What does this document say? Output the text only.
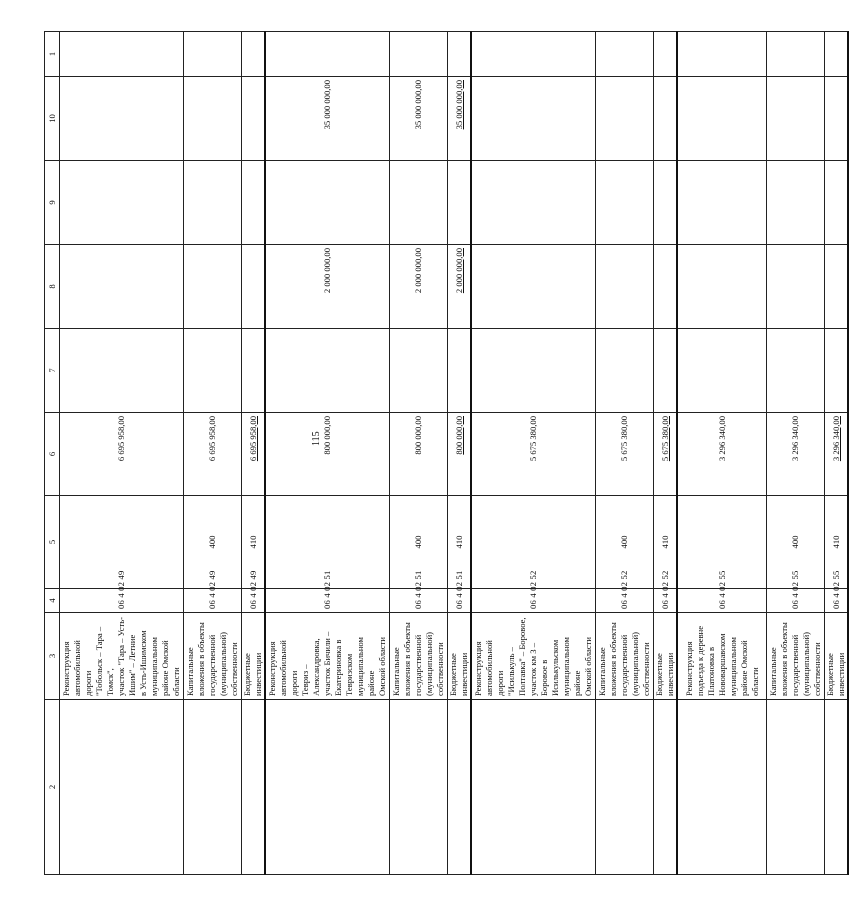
115
2	3	4	5	6	7	8	9	10	1
	Реконструкция автомобильной дороги
"Тобольск – Тара – Томск",
участок "Тара – Усть-Ишим" – Летние
в Усть-Ишимском муниципальном
районе Омской области	06 4 02 49		6 695 958,00					
	Капитальные вложения в объекты
государственной (муниципальной)
собственности	06 4 02 49	400	6 695 958,00					
	Бюджетные инвестиции	06 4 02 49	410	6 695 958,00					
	Реконструкция автомобильной дороги
Тевриз – Александровка,
участок Бичили – Екатериновка в
Тевризском муниципальном районе
Омской области	06 4 02 51		800 000,00		2 000 000,00		35 000 000,00	
	Капитальные вложения в объекты
государственной (муниципальной)
собственности	06 4 02 51	400	800 000,00		2 000 000,00		35 000 000,00	
	Бюджетные инвестиции	06 4 02 51	410	800 000,00		2 000 000,00		35 000 000,00	
	Реконструкция автомобильной дороги
"Исилькуль – Полтавка" – Боровое,
участок км 3 – Боровое в
Исилькульском муниципальном районе
Омской области	06 4 02 52		5 675 380,00					
	Капитальные вложения в объекты
государственной (муниципальной)
собственности	06 4 02 52	400	5 675 380,00					
	Бюджетные инвестиции	06 4 02 52	410	5 675 380,00					
	Реконструкция подъезда к деревне
Платоновка в Нововаршавском
муниципальном районе Омской
области	06 4 02 55		3 296 340,00					
	Капитальные вложения в объекты
государственной (муниципальной)
собственности	06 4 02 55	400	3 296 340,00					
	Бюджетные инвестиции	06 4 02 55	410	3 296 340,00					
